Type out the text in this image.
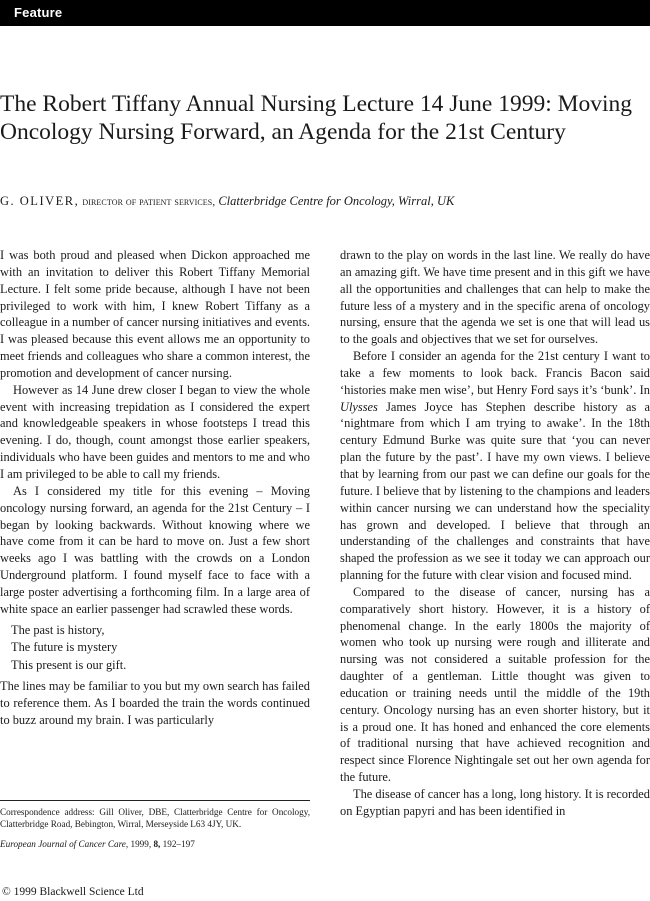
Feature
The Robert Tiffany Annual Nursing Lecture 14 June 1999: Moving Oncology Nursing Forward, an Agenda for the 21st Century
G. OLIVER, director of patient services, Clatterbridge Centre for Oncology, Wirral, UK

I was both proud and pleased when Dickon approached me with an invitation to deliver this Robert Tiffany Memorial Lecture. I felt some pride because, although I have not been privileged to work with him, I knew Robert Tiffany as a colleague in a number of cancer nursing initiatives and events. I was pleased because this event allows me an opportunity to meet friends and colleagues who share a common interest, the promotion and development of cancer nursing.

However as 14 June drew closer I began to view the whole event with increasing trepidation as I considered the expert and knowledgeable speakers in whose footsteps I tread this evening. I do, though, count amongst those earlier speakers, individuals who have been guides and mentors to me and who I am privileged to be able to call my friends.

As I considered my title for this evening – Moving oncology nursing forward, an agenda for the 21st Century – I began by looking backwards. Without knowing where we have come from it can be hard to move on. Just a few short weeks ago I was battling with the crowds on a London Underground platform. I found myself face to face with a large poster advertising a forthcoming film. In a large area of white space an earlier passenger had scrawled these words.

The past is history,
The future is mystery
This present is our gift.

The lines may be familiar to you but my own search has failed to reference them. As I boarded the train the words continued to buzz around my brain. I was particularly

drawn to the play on words in the last line. We really do have an amazing gift. We have time present and in this gift we have all the opportunities and challenges that can help to make the future less of a mystery and in the specific arena of oncology nursing, ensure that the agenda we set is one that will lead us to the goals and objectives that we set for ourselves.

Before I consider an agenda for the 21st century I want to take a few moments to look back. Francis Bacon said ‘histories make men wise’, but Henry Ford says it’s ‘bunk’. In Ulysses James Joyce has Stephen describe history as a ‘nightmare from which I am trying to awake’. In the 18th century Edmund Burke was quite sure that ‘you can never plan the future by the past’. I have my own views. I believe that by learning from our past we can define our goals for the future. I believe that by listening to the champions and leaders within cancer nursing we can understand how the speciality has grown and developed. I believe that through an understanding of the challenges and constraints that have shaped the profession as we see it today we can approach our planning for the future with clear vision and focused mind.

Compared to the disease of cancer, nursing has a comparatively short history. However, it is a history of phenomenal change. In the early 1800s the majority of women who took up nursing were rough and illiterate and nursing was not considered a suitable profession for the daughter of a gentleman. Little thought was given to education or training needs until the middle of the 19th century. Oncology nursing has an even shorter history, but it is a proud one. It has honed and enhanced the core elements of traditional nursing that have achieved recognition and respect since Florence Nightingale set out her own agenda for the future.

The disease of cancer has a long, long history. It is recorded on Egyptian papyri and has been identified in

Correspondence address: Gill Oliver, DBE, Clatterbridge Centre for Oncology, Clatterbridge Road, Bebington, Wirral, Merseyside L63 4JY, UK.
European Journal of Cancer Care, 1999, 8, 192–197
© 1999 Blackwell Science Ltd
